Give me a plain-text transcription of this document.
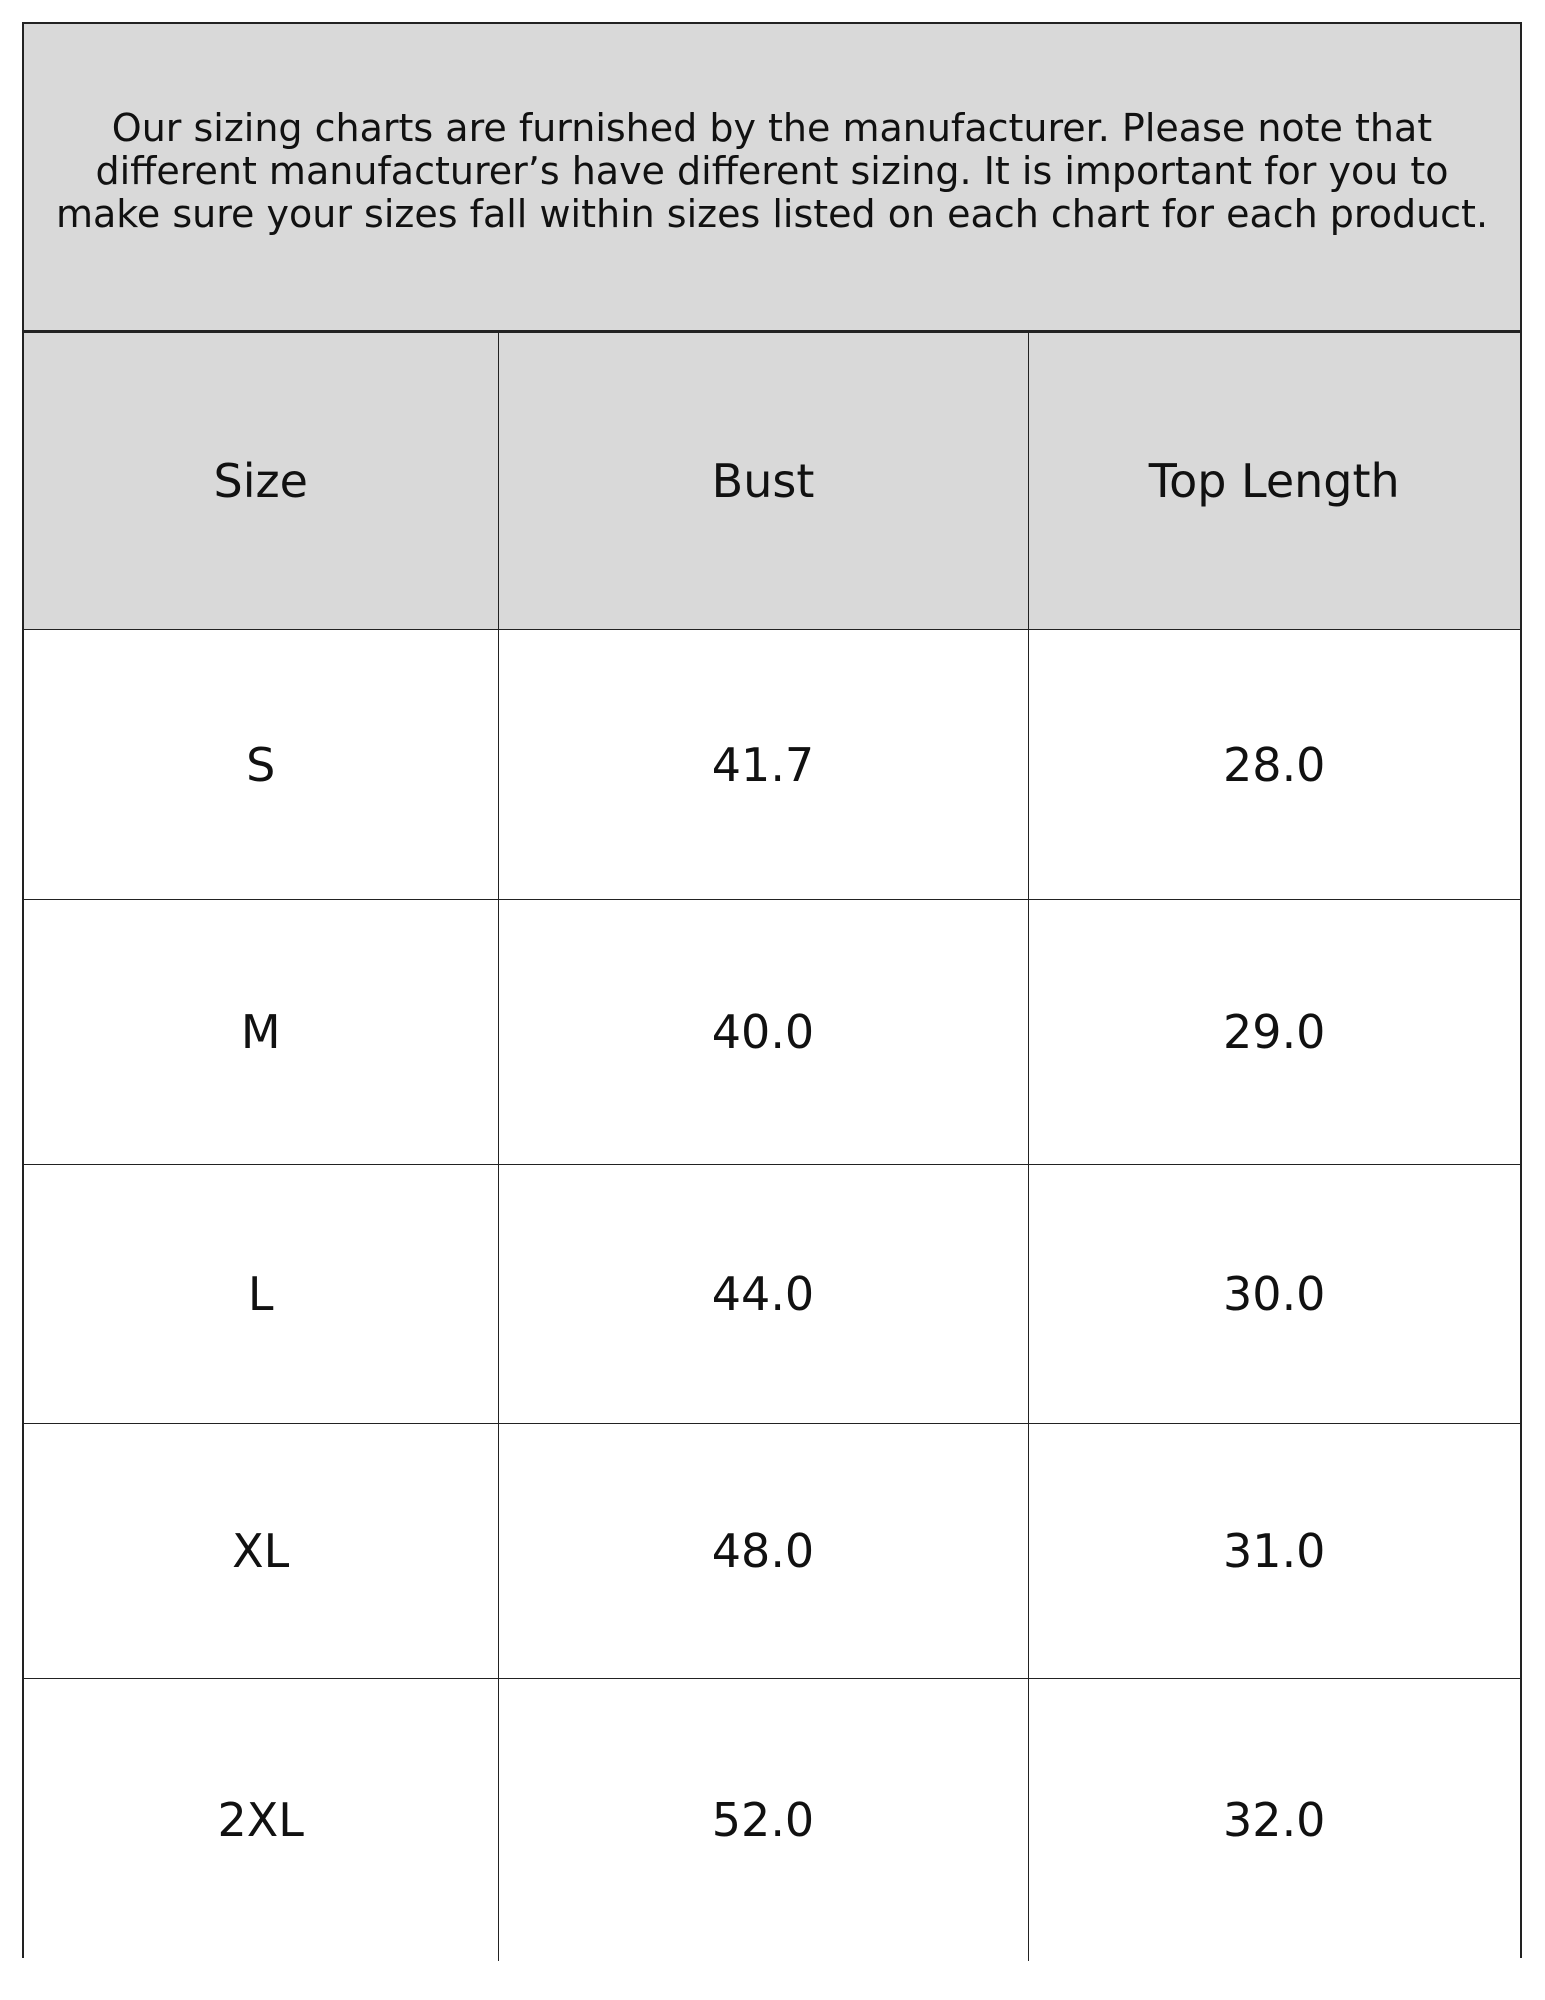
Our sizing charts are furnished by the manufacturer. Please note that
different manufacturer’s have different sizing. It is important for you to
make sure your sizes fall within sizes listed on each chart for each product.
Size	Bust	Top Length
S	41.7	28.0
M	40.0	29.0
L	44.0	30.0
XL	48.0	31.0
2XL	52.0	32.0
